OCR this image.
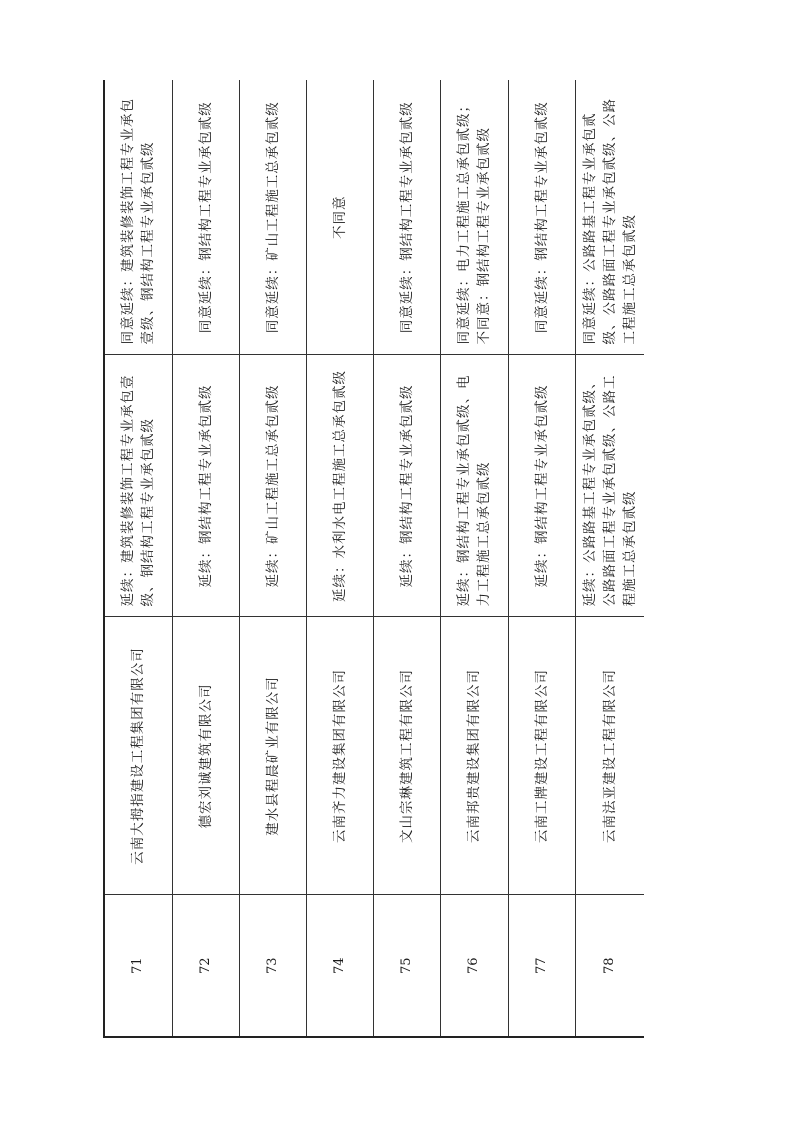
71	云南大拇指建设工程集团有限公司	延续：建筑装修装饰工程专业承包壹级、钢结构工程专业承包贰级	同意延续：建筑装修装饰工程专业承包壹级、钢结构工程专业承包贰级
72	德宏刘诚建筑有限公司	延续：钢结构工程专业承包贰级	同意延续：钢结构工程专业承包贰级
73	建水县程晨矿业有限公司	延续：矿山工程施工总承包贰级	同意延续：矿山工程施工总承包贰级
74	云南齐力建设集团有限公司	延续：水利水电工程施工总承包贰级	不同意
75	文山宗琳建筑工程有限公司	延续：钢结构工程专业承包贰级	同意延续：钢结构工程专业承包贰级
76	云南邦贵建设集团有限公司	延续：钢结构工程专业承包贰级、电力工程施工总承包贰级	同意延续：电力工程施工总承包贰级；不同意：钢结构工程专业承包贰级
77	云南工牌建设工程有限公司	延续：钢结构工程专业承包贰级	同意延续：钢结构工程专业承包贰级
78	云南法亚建设工程有限公司	延续：公路路基工程专业承包贰级、公路路面工程专业承包贰级、公路工程施工总承包贰级	同意延续：公路路基工程专业承包贰级、公路路面工程专业承包贰级、公路工程施工总承包贰级
